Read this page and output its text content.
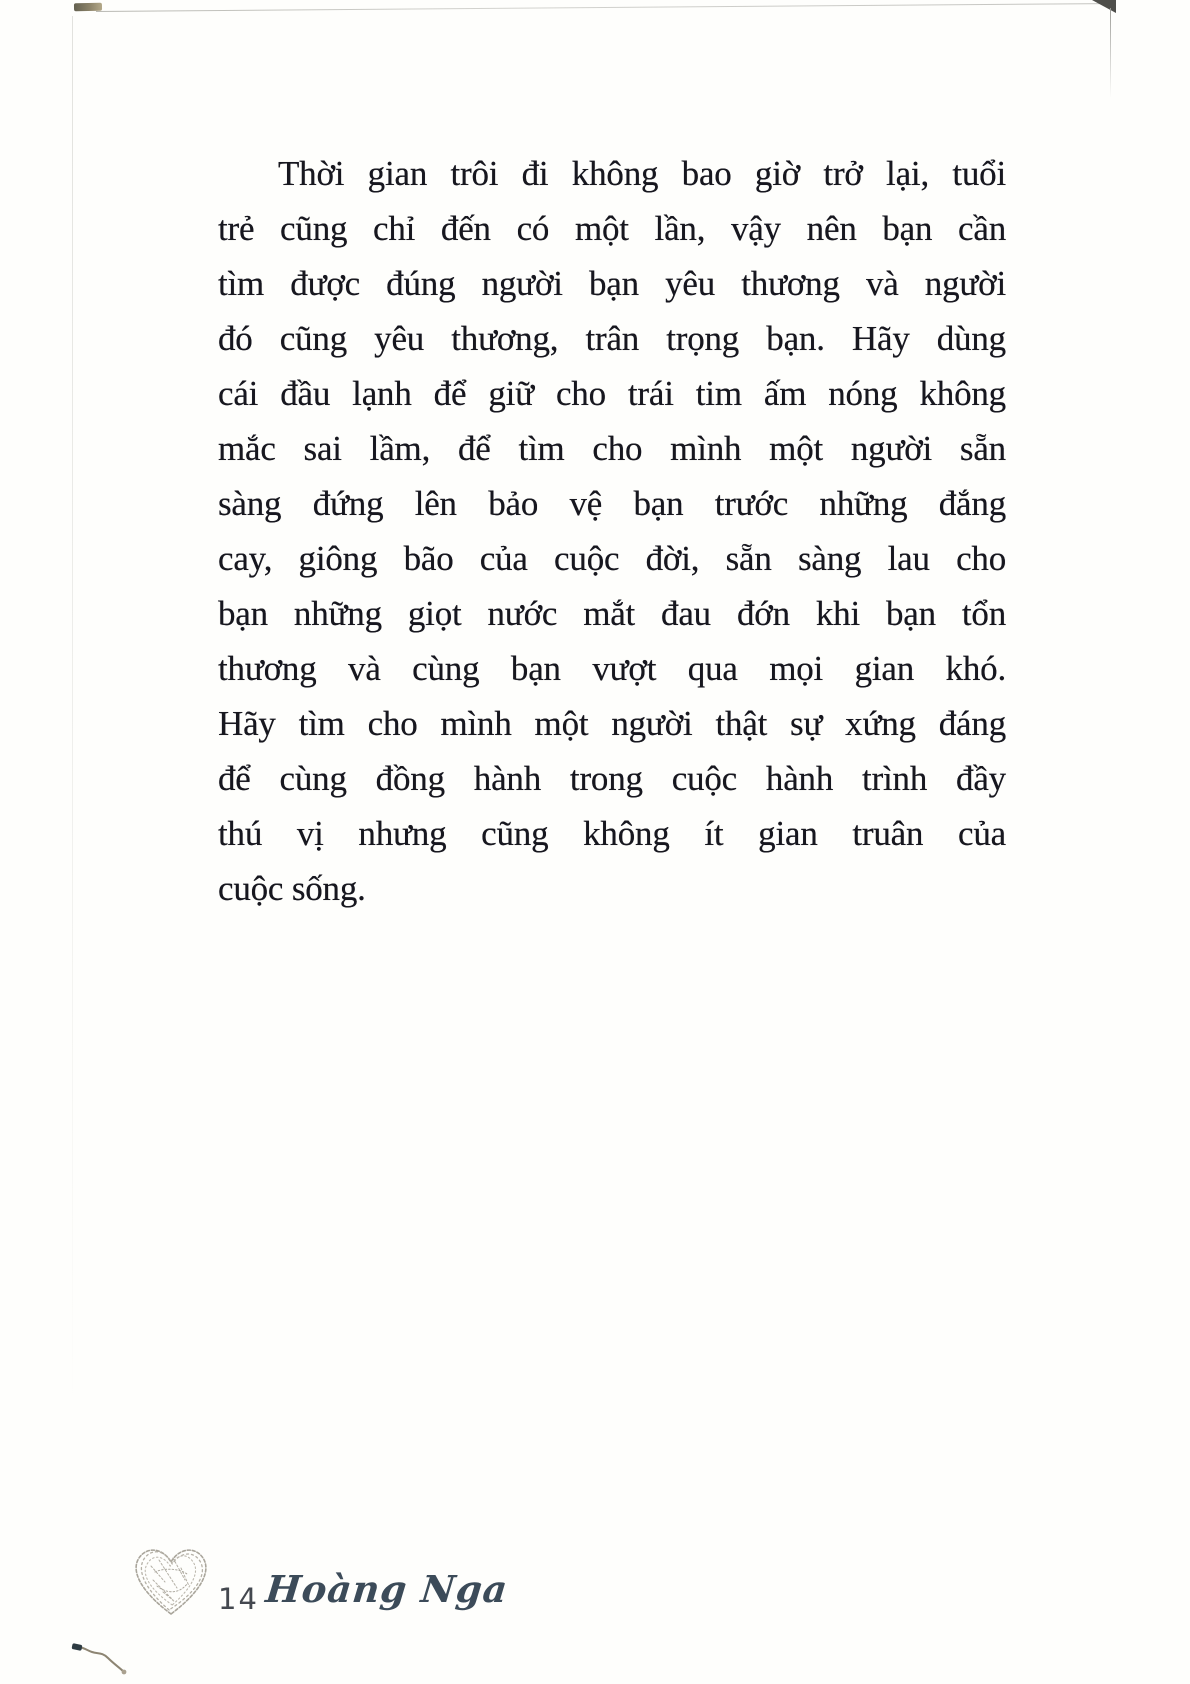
Thời gian trôi đi không bao giờ trở lại, tuổi
trẻ cũng chỉ đến có một lần, vậy nên bạn cần
tìm được đúng người bạn yêu thương và người
đó cũng yêu thương, trân trọng bạn. Hãy dùng
cái đầu lạnh để giữ cho trái tim ấm nóng không
mắc sai lầm, để tìm cho mình một người sẵn
sàng đứng lên bảo vệ bạn trước những đắng
cay, giông bão của cuộc đời, sẵn sàng lau cho
bạn những giọt nước mắt đau đớn khi bạn tổn
thương và cùng bạn vượt qua mọi gian khó.
Hãy tìm cho mình một người thật sự xứng đáng
để cùng đồng hành trong cuộc hành trình đầy
thú vị nhưng cũng không ít gian truân của
cuộc sống.
14 Hoàng Nga
